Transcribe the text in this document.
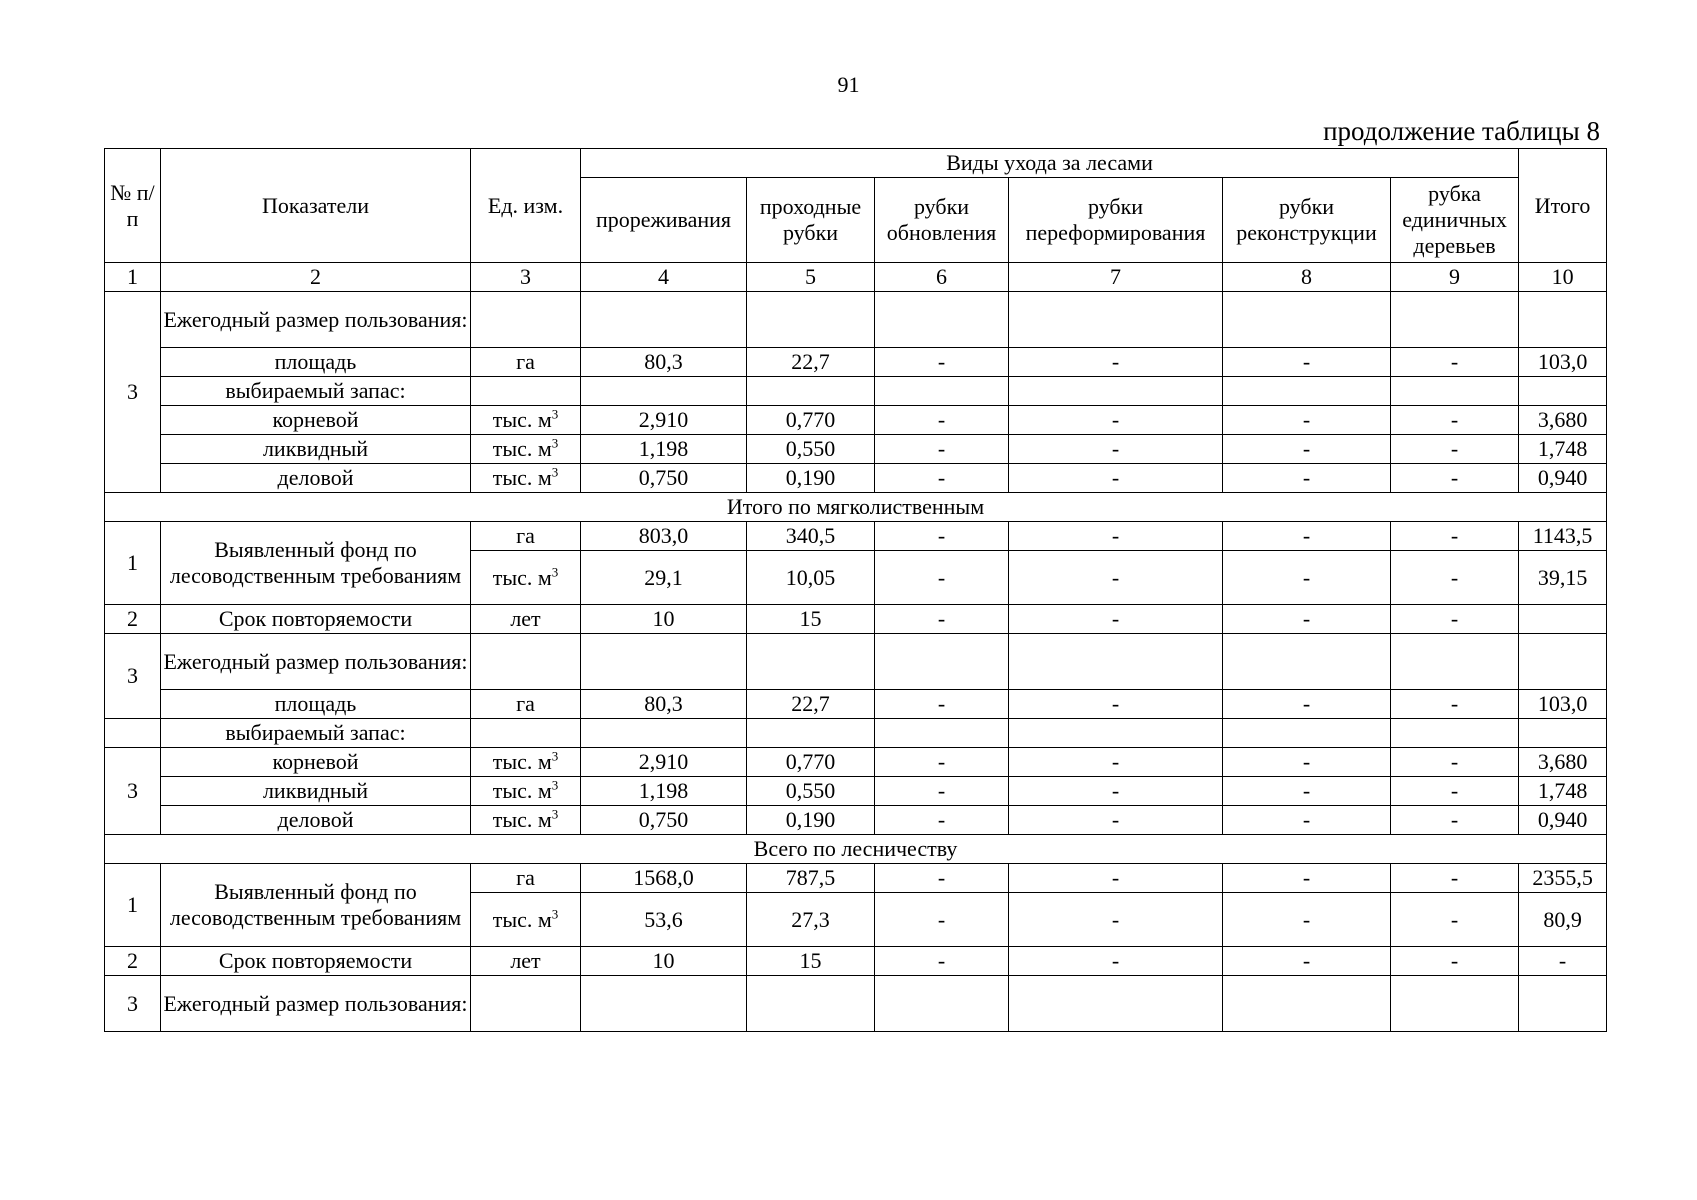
91
продолжение таблицы 8
№ п/п	Показатели	Ед. изм.	Виды ухода за лесами						Итого
			прореживания	проходные рубки	рубки обновления	рубки переформирования	рубки реконструкции	рубка единичных деревьев	
1	2	3	4	5	6	7	8	9	10
3	Ежегодный размер пользования:								
	площадь	га	80,3	22,7	-	-	-	-	103,0
	выбираемый запас:								
	корневой	тыс. $м^3$	2,910	0,770	-	-	-	-	3,680
	ликвидный	тыс. $м^3$	1,198	0,550	-	-	-	-	1,748
	деловой	тыс. $м^3$	0,750	0,190	-	-	-	-	0,940
Итого по мягколиственным									
1	Выявленный фонд по лесоводственным требованиям	га	803,0	340,5	-	-	-	-	1143,5
		тыс. $м^3$	29,1	10,05	-	-	-	-	39,15
2	Срок повторяемости	лет	10	15	-	-	-	-	
3	Ежегодный размер пользования:								
	площадь	га	80,3	22,7	-	-	-	-	103,0
	выбираемый запас:								
3	корневой	тыс. $м^3$	2,910	0,770	-	-	-	-	3,680
	ликвидный	тыс. $м^3$	1,198	0,550	-	-	-	-	1,748
	деловой	тыс. $м^3$	0,750	0,190	-	-	-	-	0,940
Всего по лесничеству									
1	Выявленный фонд по лесоводственным требованиям	га	1568,0	787,5	-	-	-	-	2355,5
		тыс. $м^3$	53,6	27,3	-	-	-	-	80,9
2	Срок повторяемости	лет	10	15	-	-	-	-	-
3	Ежегодный размер пользования:								
